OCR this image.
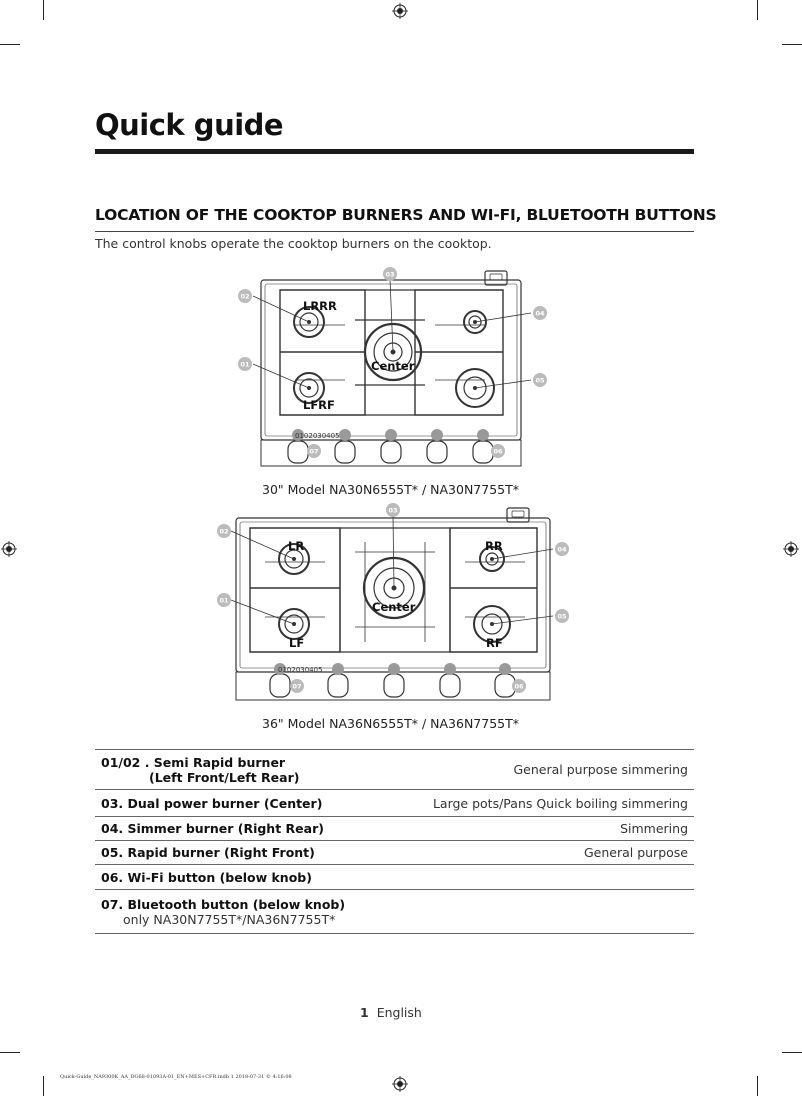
Quick guide
LOCATION OF THE COOKTOP BURNERS AND WI-FI, BLUETOOTH BUTTONS
The control knobs operate the cooktop burners on the cooktop.
02
03
04
01
05
06
07
LRRR
Center
LFRF
0102030405
30" Model NA30N6555T* / NA30N7755T*
02
03
04
01
05
06
07
LR	RR
Center
LF	RF
0102030405
36" Model NA36N6555T* / NA36N7755T*
01/02 . Semi Rapid burner
(Left Front/Left Rear)	General purpose simmering
03. Dual power burner (Center)	Large pots/Pans Quick boiling simmering
04. Simmer burner (Right Rear)	Simmering
05. Rapid burner (Right Front)	General purpose
06. Wi-Fi button (below knob)	
07. Bluetooth button (below knob)
only NA30N7755T*/NA36N7755T*	

1 English
Quick-Guide_NA9300K_AA_DG68-01093A-01_EN+MES+CFR.indb 1 2018-07-31 © 4:16:08
